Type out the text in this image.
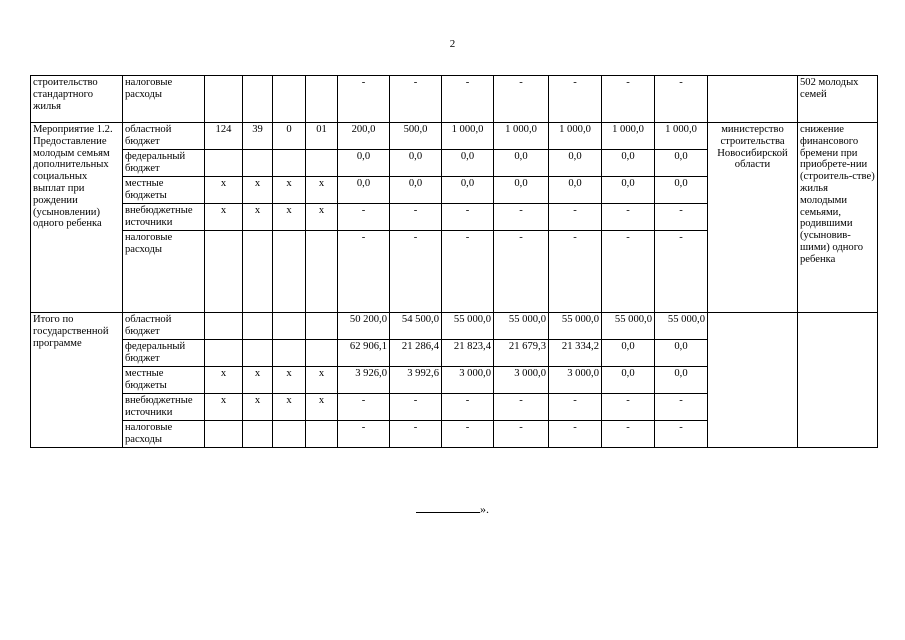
2
строительство стандартного жилья	налоговые расходы					-	-	-	-	-	-	-		502 молодых семей
Мероприятие 1.2. Предоставление молодым семьям дополнительных социальных выплат при рождении (усыновлении) одного ребенка	областной бюджет	124	39	0	01	200,0	500,0	1 000,0	1 000,0	1 000,0	1 000,0	1 000,0	министерство строительства Новосибирской области	снижение финансового бремени при приобрете-нии (строитель-стве) жилья молодыми семьями, родившими (усыновив-шими) одного ребенка
	федеральный бюджет					0,0	0,0	0,0	0,0	0,0	0,0	0,0		
	местные бюджеты	х	х	х	х	0,0	0,0	0,0	0,0	0,0	0,0	0,0		
	внебюджетные источники	х	х	х	х	-	-	-	-	-	-	-		
	налоговые расходы					-	-	-	-	-	-	-		
Итого по государственной программе	областной бюджет					50 200,0	54 500,0	55 000,0	55 000,0	55 000,0	55 000,0	55 000,0		
	федеральный бюджет					62 906,1	21 286,4	21 823,4	21 679,3	21 334,2	0,0	0,0		
	местные бюджеты	х	х	х	х	3 926,0	3 992,6	3 000,0	3 000,0	3 000,0	0,0	0,0		
	внебюджетные источники	х	х	х	х	-	-	-	-	-	-	-		
	налоговые расходы					-	-	-	-	-	-	-		
».
